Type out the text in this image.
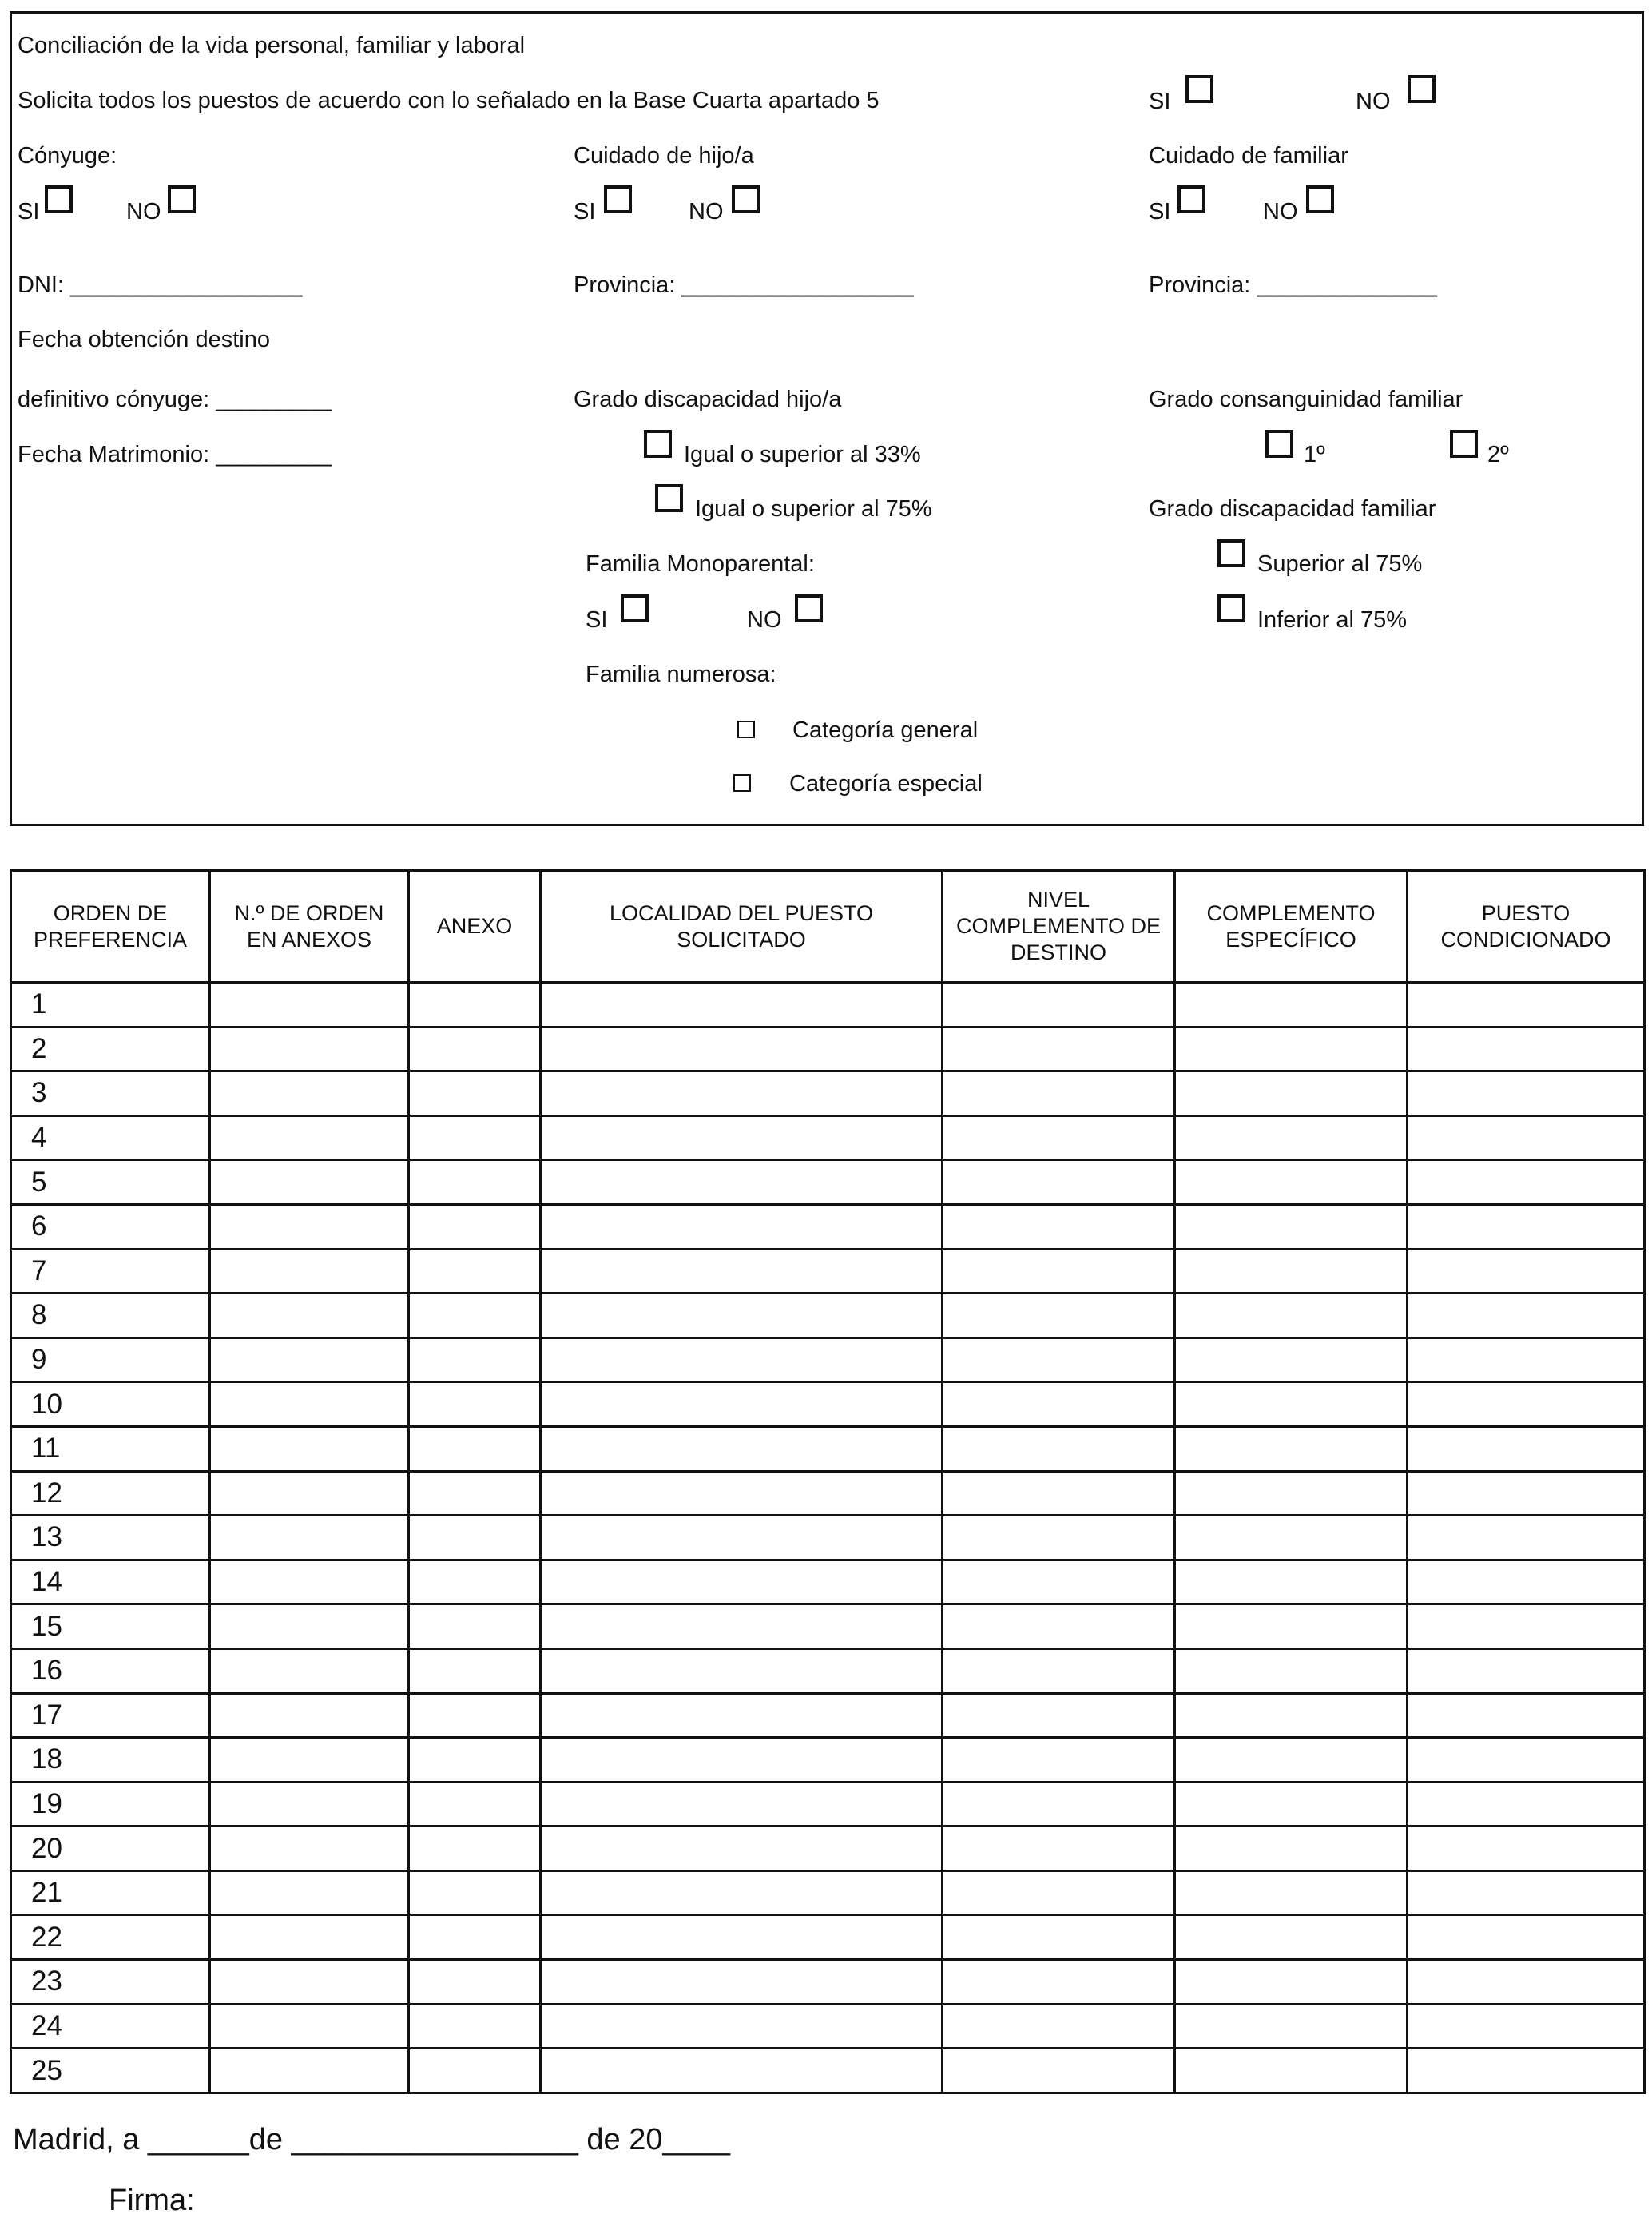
Conciliación de la vida personal, familiar y laboral
Solicita todos los puestos de acuerdo con lo señalado en la Base Cuarta apartado 5	SI	NO
Cónyuge:	Cuidado de hijo/a	Cuidado de familiar
SI	NO	SI	NO	SI	NO
DNI: __________________	Provincia: __________________	Provincia: ______________
Fecha obtención destino
definitivo cónyuge: _________	Grado discapacidad hijo/a	Grado consanguinidad familiar
Fecha Matrimonio: _________	Igual o superior al 33%	1º	2º
Igual o superior al 75%	Grado discapacidad familiar
Familia Monoparental:	Superior al 75%
SI	NO	Inferior al 75%
Familia numerosa:
Categoría general
Categoría especial
ORDEN DE PREFERENCIA	N.º DE ORDEN EN ANEXOS	ANEXO	LOCALIDAD DEL PUESTO SOLICITADO	NIVEL COMPLEMENTO DE DESTINO	COMPLEMENTO ESPECÍFICO	PUESTO CONDICIONADO
1						
2						
3						
4						
5						
6						
7						
8						
9						
10						
11						
12						
13						
14						
15						
16						
17						
18						
19						
20						
21						
22						
23						
24						
25						
Madrid, a ______de _________________ de 20____
Firma:
